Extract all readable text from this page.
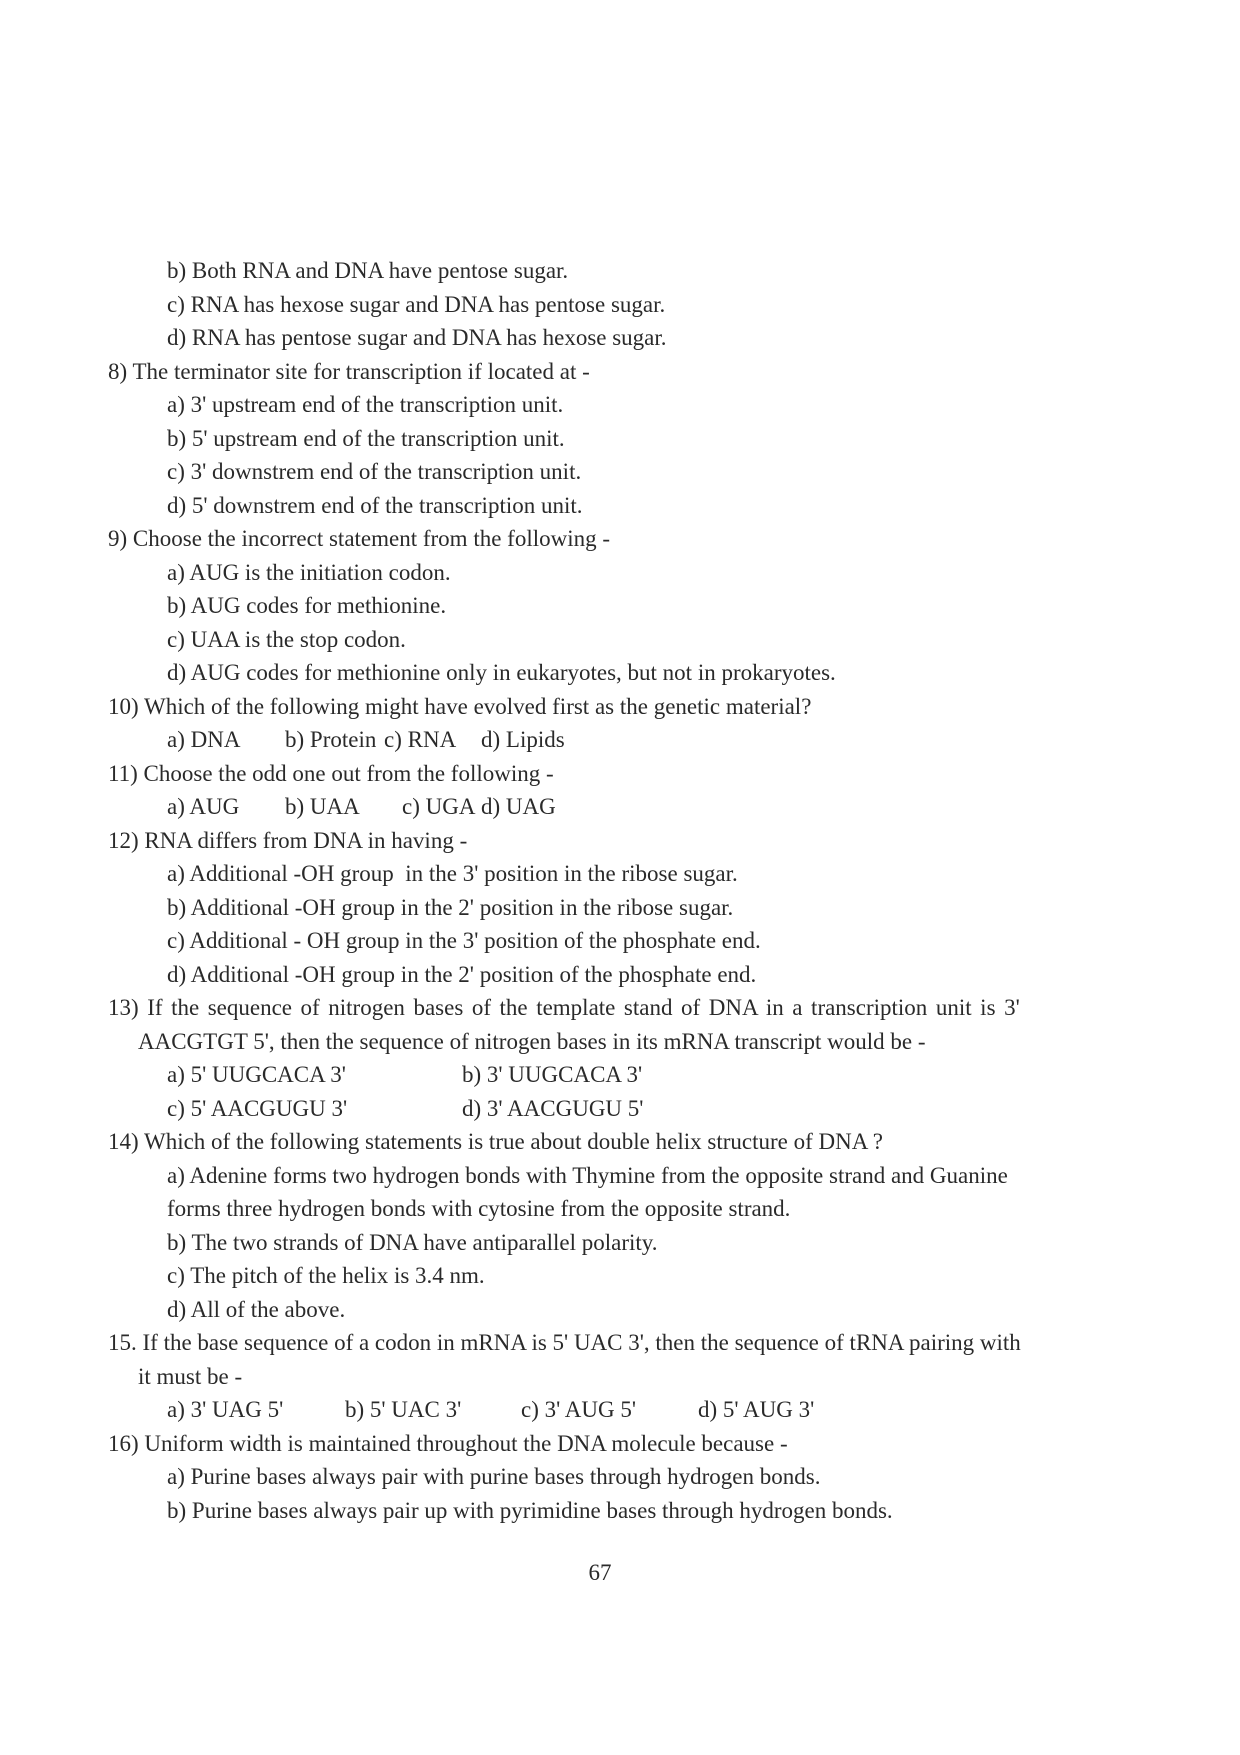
b) Both RNA and DNA have pentose sugar.
c) RNA has hexose sugar and DNA has pentose sugar.
d) RNA has pentose sugar and DNA has hexose sugar.
8) The terminator site for transcription if located at -
a) 3' upstream end of the transcription unit.
b) 5' upstream end of the transcription unit.
c) 3' downstrem end of the transcription unit.
d) 5' downstrem end of the transcription unit.
9) Choose the incorrect statement from the following -
a) AUG is the initiation codon.
b) AUG codes for methionine.
c) UAA is the stop codon.
d) AUG codes for methionine only in eukaryotes, but not in prokaryotes.
10) Which of the following might have evolved first as the genetic material?
a) DNA	b) Protein c) RNA	d) Lipids
11) Choose the odd one out from the following -
a) AUG	b) UAA	c) UGA d) UAG
12) RNA differs from DNA in having -
a) Additional -OH group  in the 3' position in the ribose sugar.
b) Additional -OH group in the 2' position in the ribose sugar.
c) Additional - OH group in the 3' position of the phosphate end.
d) Additional -OH group in the 2' position of the phosphate end.
13) If the sequence of nitrogen bases of the template stand of DNA in a transcription unit is 3'
AACGTGT 5', then the sequence of nitrogen bases in its mRNA transcript would be -
a) 5' UUGCACA 3'	b) 3' UUGCACA 3'
c) 5' AACGUGU 3'	d) 3' AACGUGU 5'
14) Which of the following statements is true about double helix structure of DNA ?
a) Adenine forms two hydrogen bonds with Thymine from the opposite strand and Guanine
forms three hydrogen bonds with cytosine from the opposite strand.
b) The two strands of DNA have antiparallel polarity.
c) The pitch of the helix is 3.4 nm.
d) All of the above.
15. If the base sequence of a codon in mRNA is 5' UAC 3', then the sequence of tRNA pairing with
it must be -
a) 3' UAG 5'	b) 5' UAC 3'	c) 3' AUG 5'	d) 5' AUG 3'
16) Uniform width is maintained throughout the DNA molecule because -
a) Purine bases always pair with purine bases through hydrogen bonds.
b) Purine bases always pair up with pyrimidine bases through hydrogen bonds.
67
